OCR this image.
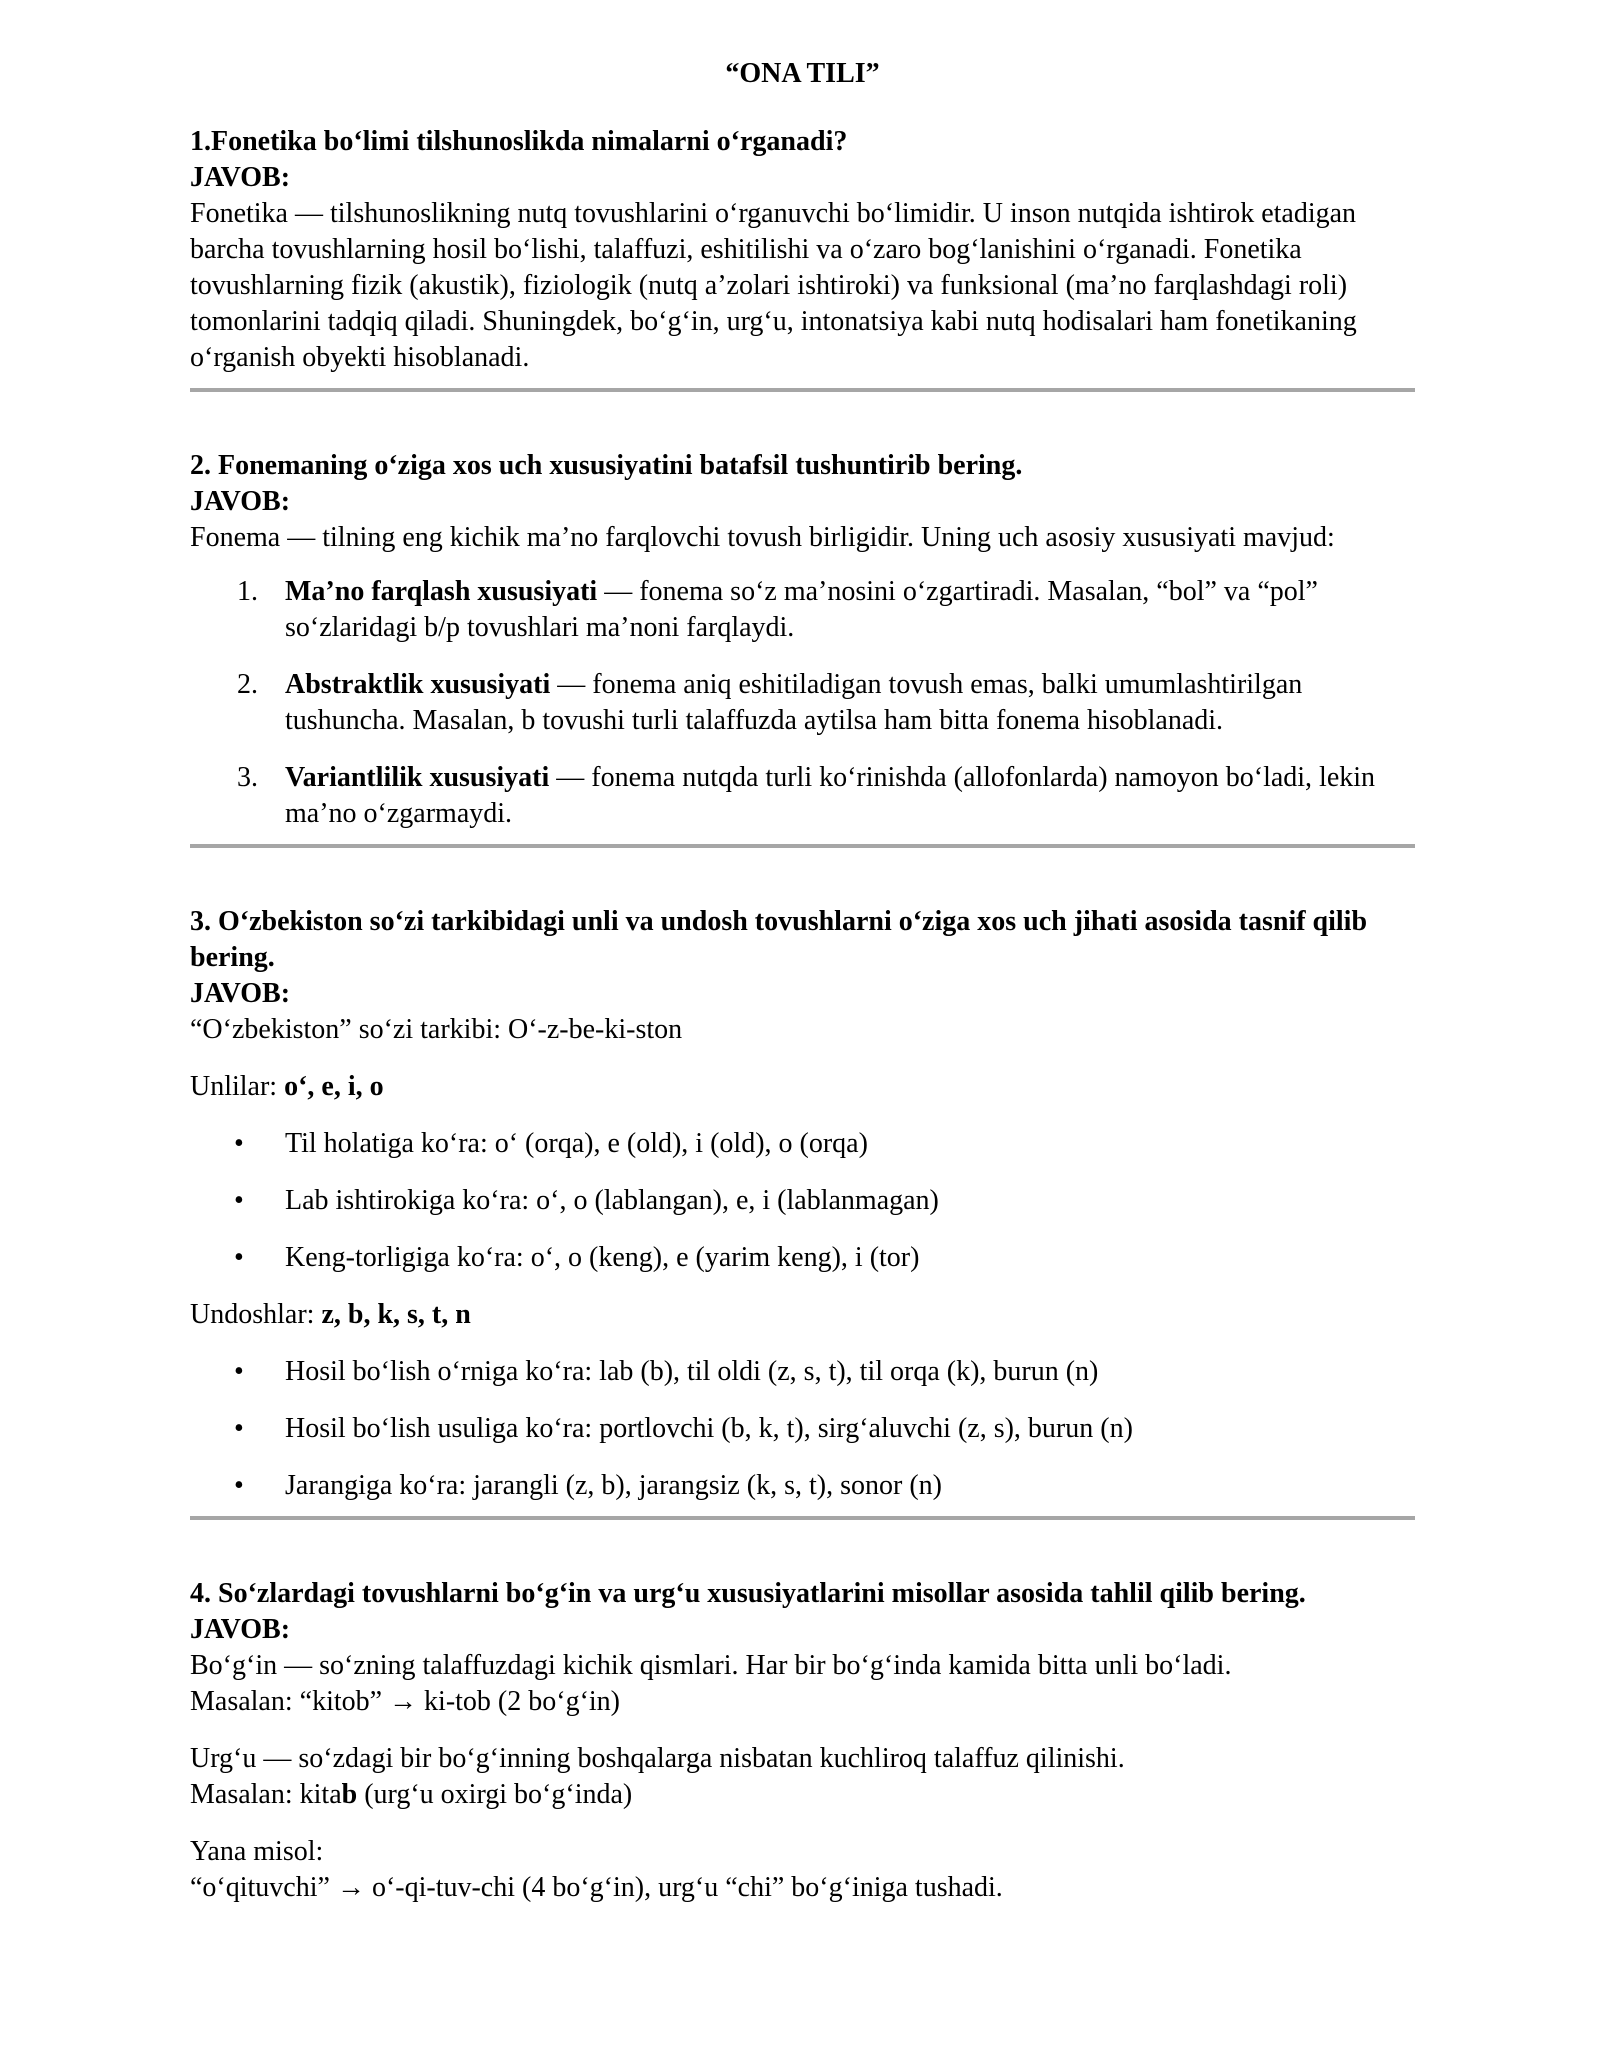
“ONA TILI”

1.Fonetika bo‘limi tilshunoslikda nimalarni o‘rganadi?

JAVOB:

Fonetika — tilshunoslikning nutq tovushlarini o‘rganuvchi bo‘limidir. U inson nutqida ishtirok etadigan barcha tovushlarning hosil bo‘lishi, talaffuzi, eshitilishi va o‘zaro bog‘lanishini o‘rganadi. Fonetika tovushlarning fizik (akustik), fiziologik (nutq a’zolari ishtiroki) va funksional (ma’no farqlashdagi roli) tomonlarini tadqiq qiladi. Shuningdek, bo‘g‘in, urg‘u, intonatsiya kabi nutq hodisalari ham fonetikaning o‘rganish obyekti hisoblanadi.

2. Fonemaning o‘ziga xos uch xususiyatini batafsil tushuntirib bering.

JAVOB:

Fonema — tilning eng kichik ma’no farqlovchi tovush birligidir. Uning uch asosiy xususiyati mavjud:

1. Ma’no farqlash xususiyati — fonema so‘z ma’nosini o‘zgartiradi. Masalan, “bol” va “pol” so‘zlaridagi b/p tovushlari ma’noni farqlaydi.
2. Abstraktlik xususiyati — fonema aniq eshitiladigan tovush emas, balki umumlashtirilgan tushuncha. Masalan, b tovushi turli talaffuzda aytilsa ham bitta fonema hisoblanadi.
3. Variantlilik xususiyati — fonema nutqda turli ko‘rinishda (allofonlarda) namoyon bo‘ladi, lekin ma’no o‘zgarmaydi.

3. O‘zbekiston so‘zi tarkibidagi unli va undosh tovushlarni o‘ziga xos uch jihati asosida tasnif qilib bering.

JAVOB:

“O‘zbekiston” so‘zi tarkibi: O‘-z-be-ki-ston

Unlilar: o‘, e, i, o

• Til holatiga ko‘ra: o‘ (orqa), e (old), i (old), o (orqa)
• Lab ishtirokiga ko‘ra: o‘, o (lablangan), e, i (lablanmagan)
• Keng-torligiga ko‘ra: o‘, o (keng), e (yarim keng), i (tor)

Undoshlar: z, b, k, s, t, n

• Hosil bo‘lish o‘rniga ko‘ra: lab (b), til oldi (z, s, t), til orqa (k), burun (n)
• Hosil bo‘lish usuliga ko‘ra: portlovchi (b, k, t), sirg‘aluvchi (z, s), burun (n)
• Jarangiga ko‘ra: jarangli (z, b), jarangsiz (k, s, t), sonor (n)

4. So‘zlardagi tovushlarni bo‘g‘in va urg‘u xususiyatlarini misollar asosida tahlil qilib bering.

JAVOB:

Bo‘g‘in — so‘zning talaffuzdagi kichik qismlari. Har bir bo‘g‘inda kamida bitta unli bo‘ladi.

Masalan: “kitob” → ki-tob (2 bo‘g‘in)

Urg‘u — so‘zdagi bir bo‘g‘inning boshqalarga nisbatan kuchliroq talaffuz qilinishi.

Masalan: kitab (urg‘u oxirgi bo‘g‘inda)

Yana misol:

“o‘qituvchi” → o‘-qi-tuv-chi (4 bo‘g‘in), urg‘u “chi” bo‘g‘iniga tushadi.
